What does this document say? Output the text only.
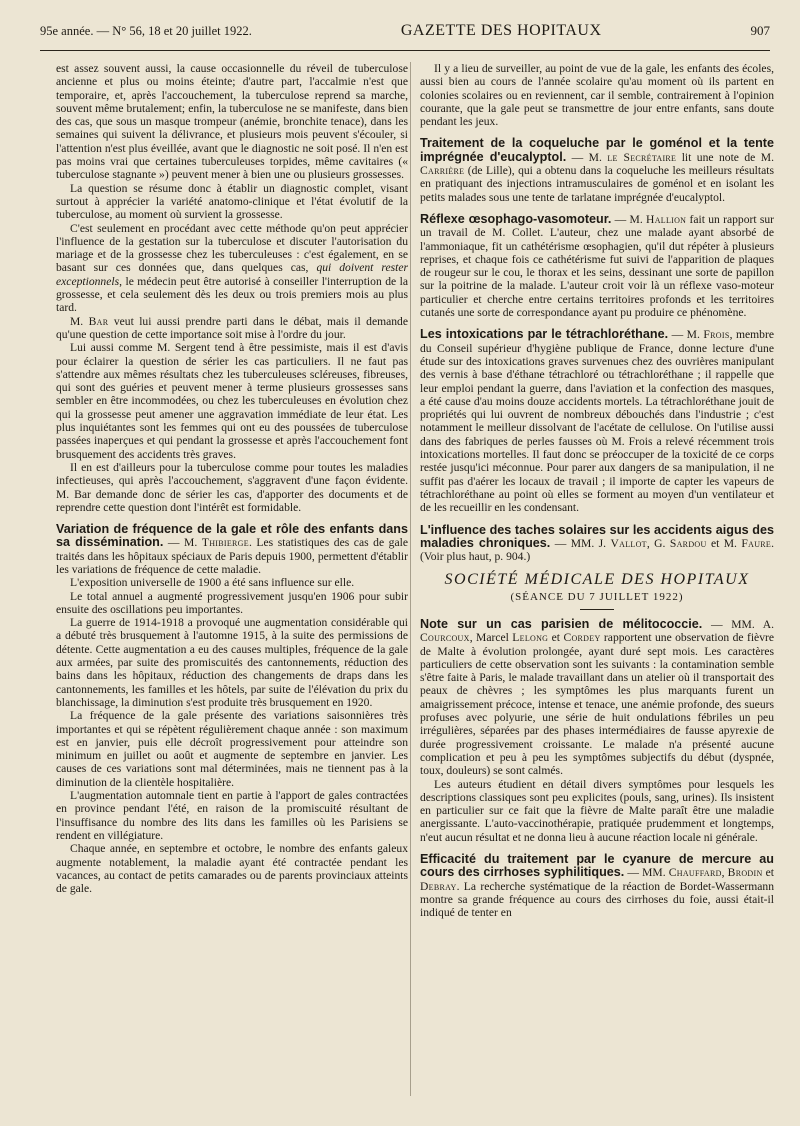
95e année. — N° 56, 18 et 20 juillet 1922.	GAZETTE DES HOPITAUX	907

est assez souvent aussi, la cause occasionnelle du réveil de tuberculose ancienne et plus ou moins éteinte; d'autre part, l'accalmie n'est que temporaire, et, après l'accouchement, la tuberculose reprend sa marche, souvent même brutalement; enfin, la tuberculose ne se manifeste, dans bien des cas, que sous un masque trompeur (anémie, bronchite tenace), dans les semaines qui suivent la délivrance, et plusieurs mois peuvent s'écouler, si l'attention n'est plus éveillée, avant que le diagnostic ne soit posé. Il n'en est pas moins vrai que certaines tuberculeuses torpides, même cavitaires (« tuberculose stagnante ») peuvent mener à bien une ou plusieurs grossesses.

La question se résume donc à établir un diagnostic complet, visant surtout à apprécier la variété anatomo-clinique et l'état évolutif de la tuberculose, au moment où survient la grossesse.

C'est seulement en procédant avec cette méthode qu'on peut apprécier l'influence de la gestation sur la tuberculose et discuter l'autorisation du mariage et de la grossesse chez les tuberculeuses : c'est également, en se basant sur ces données que, dans quelques cas, qui doivent rester exceptionnels, le médecin peut être autorisé à conseiller l'interruption de la grossesse, et cela seulement dès les deux ou trois premiers mois au plus tard.

M. Bar veut lui aussi prendre parti dans le débat, mais il demande qu'une question de cette importance soit mise à l'ordre du jour.

Lui aussi comme M. Sergent tend à être pessimiste, mais il est d'avis pour éclairer la question de sérier les cas particuliers. Il ne faut pas s'attendre aux mêmes résultats chez les tuberculeuses scléreuses, fibreuses, qui sont des guéries et peuvent mener à terme plusieurs grossesses sans sembler en être incommodées, ou chez les tuberculeuses en évolution chez qui la grossesse peut amener une aggravation immédiate de leur état. Les plus inquiétantes sont les femmes qui ont eu des poussées de tuberculose passées inaperçues et qui pendant la grossesse et après l'accouchement font brusquement des accidents très graves.

Il en est d'ailleurs pour la tuberculose comme pour toutes les maladies infectieuses, qui après l'accouchement, s'aggravent d'une façon évidente. M. Bar demande donc de sérier les cas, d'apporter des documents et de reprendre cette question dont l'intérêt est formidable.

Variation de fréquence de la gale et rôle des enfants dans sa dissémination. — M. Thibierge. Les statistiques des cas de gale traités dans les hôpitaux spéciaux de Paris depuis 1900, permettent d'établir les variations de fréquence de cette maladie.

L'exposition universelle de 1900 a été sans influence sur elle.

Le total annuel a augmenté progressivement jusqu'en 1906 pour subir ensuite des oscillations peu importantes.

La guerre de 1914-1918 a provoqué une augmentation considérable qui a débuté très brusquement à l'automne 1915, à la suite des permissions de détente. Cette augmentation a eu des causes multiples, fréquence de la gale aux armées, par suite des promiscuités des cantonnements, réduction des bains dans les hôpitaux, réduction des changements de draps dans les cantonnements, les familles et les hôtels, par suite de l'élévation du prix du blanchissage, la diminution s'est produite très brusquement en 1920.

La fréquence de la gale présente des variations saisonnières très importantes et qui se répètent régulièrement chaque année : son maximum est en janvier, puis elle décroît progressivement pour atteindre son minimum en juillet ou août et augmente de septembre en janvier. Les causes de ces variations sont mal déterminées, mais ne tiennent pas à la diminution de la clientèle hospitalière.

L'augmentation automnale tient en partie à l'apport de gales contractées en province pendant l'été, en raison de la promiscuité résultant de l'insuffisance du nombre des lits dans les familles où les Parisiens se rendent en villégiature.

Chaque année, en septembre et octobre, le nombre des enfants galeux augmente notablement, la maladie ayant été contractée pendant les vacances, au contact de petits camarades ou de parents provinciaux atteints de gale.

Il y a lieu de surveiller, au point de vue de la gale, les enfants des écoles, aussi bien au cours de l'année scolaire qu'au moment où ils partent en colonies scolaires ou en reviennent, car il semble, contrairement à l'opinion courante, que la gale peut se transmettre de jour entre enfants, sans doute pendant les jeux.

Traitement de la coqueluche par le goménol et la tente imprégnée d'eucalyptol. — M. le Secrétaire lit une note de M. Carrière (de Lille), qui a obtenu dans la coqueluche les meilleurs résultats en pratiquant des injections intramusculaires de goménol et en isolant les petits malades sous une tente de tarlatane imprégnée d'eucalyptol.

Réflexe œsophago-vasomoteur. — M. Hallion fait un rapport sur un travail de M. Collet. L'auteur, chez une malade ayant absorbé de l'ammoniaque, fit un cathétérisme œsophagien, qu'il dut répéter à plusieurs reprises, et chaque fois ce cathétérisme fut suivi de l'apparition de plaques de rougeur sur le cou, le thorax et les seins, dessinant une sorte de papillon sur la poitrine de la malade. L'auteur croit voir là un réflexe vaso-moteur particulier et cherche entre certains territoires profonds et les territoires cutanés une sorte de correspondance ayant pu produire ce phénomène.

Les intoxications par le tétrachloréthane. — M. Frois, membre du Conseil supérieur d'hygiène publique de France, donne lecture d'une étude sur des intoxications graves survenues chez des ouvrières manipulant des vernis à base d'éthane tétrachloré ou tétrachloréthane ; il rappelle que leur emploi pendant la guerre, dans l'aviation et la confection des masques, a été cause d'au moins douze accidents mortels. La tétrachloréthane jouit de propriétés qui lui ouvrent de nombreux débouchés dans l'industrie ; c'est notamment le meilleur dissolvant de l'acétate de cellulose. On l'utilise aussi dans des fabriques de perles fausses où M. Frois a relevé récemment trois intoxications mortelles. Il faut donc se préoccuper de la toxicité de ce corps restée jusqu'ici méconnue. Pour parer aux dangers de sa manipulation, il ne suffit pas d'aérer les locaux de travail ; il importe de capter les vapeurs de tétrachloréthane au point où elles se forment au moyen d'un ventilateur et de les recueillir en les condensant.

L'influence des taches solaires sur les accidents aigus des maladies chroniques. — MM. J. Vallot, G. Sardou et M. Faure. (Voir plus haut, p. 904.)

SOCIÉTÉ MÉDICALE DES HOPITAUX

(SÉANCE DU 7 JUILLET 1922)

Note sur un cas parisien de mélitococcie. — MM. A. Courcoux, Marcel Lelong et Cordey rapportent une observation de fièvre de Malte à évolution prolongée, ayant duré sept mois. Les caractères particuliers de cette observation sont les suivants : la contamination semble s'être faite à Paris, le malade travaillant dans un atelier où il transportait des peaux de chèvres ; les symptômes les plus marquants furent un amaigrissement précoce, intense et tenace, une anémie profonde, des sueurs profuses avec polyurie, une série de huit ondulations fébriles un peu irrégulières, séparées par des phases intermédiaires de fausse apyrexie de durée progressivement croissante. Le malade n'a présenté aucune complication et peu à peu les symptômes subjectifs du début (dyspnée, toux, douleurs) se sont calmés.

Les auteurs étudient en détail divers symptômes pour lesquels les descriptions classiques sont peu explicites (pouls, sang, urines). Ils insistent en particulier sur ce fait que la fièvre de Malte paraît être une maladie anergissante. L'auto-vaccinothérapie, pratiquée prudemment et longtemps, n'eut aucun résultat et ne donna lieu à aucune réaction locale ni générale.

Efficacité du traitement par le cyanure de mercure au cours des cirrhoses syphilitiques. — MM. Chauffard, Brodin et Debray. La recherche systématique de la réaction de Bordet-Wassermann montre sa grande fréquence au cours des cirrhoses du foie, aussi était-il indiqué de tenter en
